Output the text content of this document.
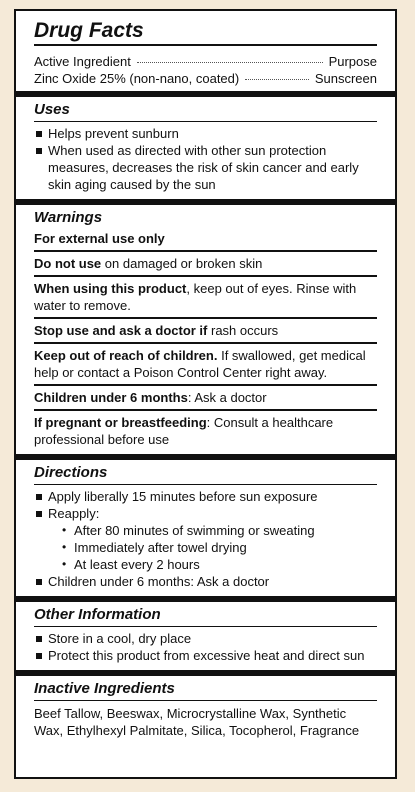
Drug Facts
Active Ingredient	Purpose
Zinc Oxide 25% (non-nano, coated)	Sunscreen
Uses
Helps prevent sunburn
When used as directed with other sun protection measures, decreases the risk of skin cancer and early skin aging caused by the sun
Warnings
For external use only
Do not use on damaged or broken skin
When using this product, keep out of eyes. Rinse with water to remove.
Stop use and ask a doctor if rash occurs
Keep out of reach of children. If swallowed, get medical help or contact a Poison Control Center right away.
Children under 6 months: Ask a doctor
If pregnant or breastfeeding: Consult a healthcare professional before use
Directions
Apply liberally 15 minutes before sun exposure
Reapply:
• After 80 minutes of swimming or sweating
• Immediately after towel drying
• At least every 2 hours
Children under 6 months: Ask a doctor
Other Information
Store in a cool, dry place
Protect this product from excessive heat and direct sun
Inactive Ingredients
Beef Tallow, Beeswax, Microcrystalline Wax, Synthetic Wax, Ethylhexyl Palmitate, Silica, Tocopherol, Fragrance
